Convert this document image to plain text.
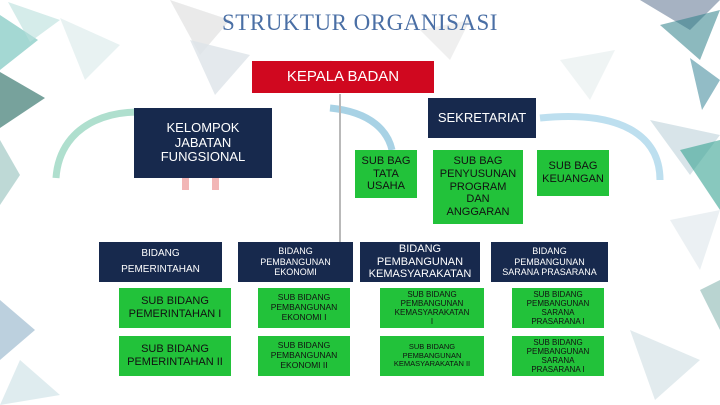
STRUKTUR ORGANISASI
KEPALA BADAN
SEKRETARIAT
KELOMPOK
JABATAN
FUNGSIONAL	SUB BAG
TATA
USAHA
SUB BAG
PENYUSUNAN
PROGRAM
DAN
ANGGARAN
SUB BAG
KEUANGAN
BIDANG
PEMERINTAHAN
BIDANG
PEMBANGUNAN
EKONOMI
BIDANG
PEMBANGUNAN
KEMASYARAKATAN
BIDANG
PEMBANGUNAN
SARANA PRASARANA
SUB BIDANG
PEMERINTAHAN I
SUB BIDANG
PEMBANGUNAN
EKONOMI I
SUB BIDANG
PEMBANGUNAN
KEMASYARAKATAN
I
SUB BIDANG
PEMBANGUNAN
SARANA
PRASARANA I
SUB BIDANG
PEMERINTAHAN II
SUB BIDANG
PEMBANGUNAN
EKONOMI II
SUB BIDANG
PEMBANGUNAN
KEMASYARAKATAN II
SUB BIDANG
PEMBANGUNAN
SARANA
PRASARANA I
